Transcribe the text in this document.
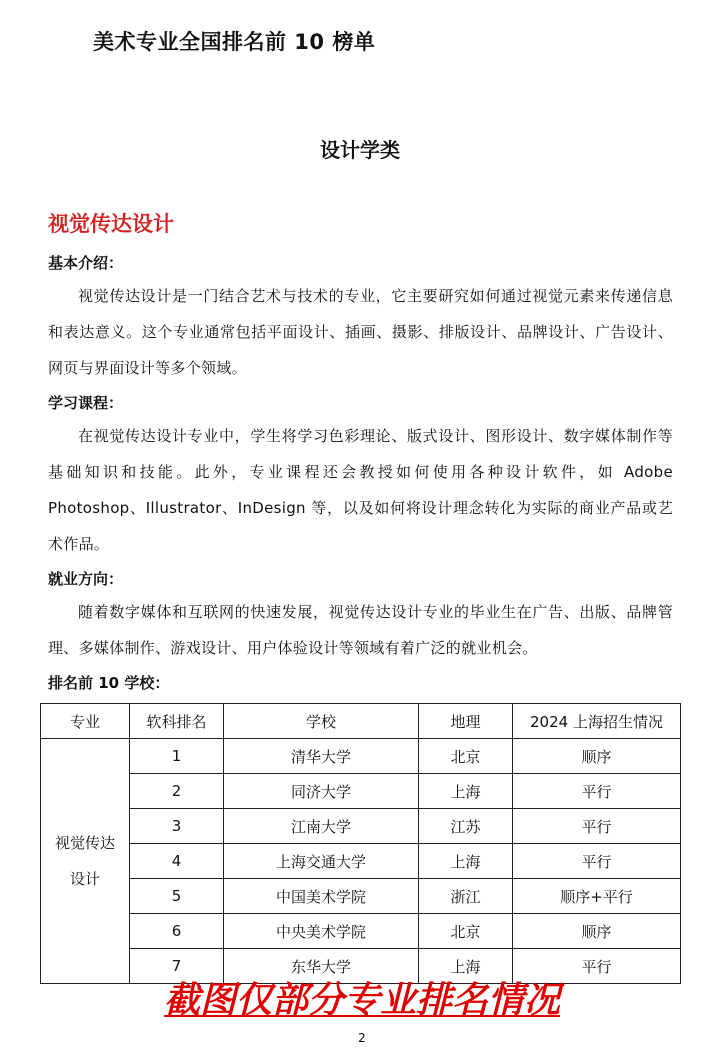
美术专业全国排名前 10 榜单
设计学类
视觉传达设计
基本介绍：

视觉传达设计是一门结合艺术与技术的专业，它主要研究如何通过视觉元素来传递信息和表达意义。这个专业通常包括平面设计、插画、摄影、排版设计、品牌设计、广告设计、网页与界面设计等多个领域。

学习课程：

在视觉传达设计专业中，学生将学习色彩理论、版式设计、图形设计、数字媒体制作等基础知识和技能。此外，专业课程还会教授如何使用各种设计软件，如 Adobe Photoshop、Illustrator、InDesign 等，以及如何将设计理念转化为实际的商业产品或艺术作品。

就业方向：

随着数字媒体和互联网的快速发展，视觉传达设计专业的毕业生在广告、出版、品牌管理、多媒体制作、游戏设计、用户体验设计等领域有着广泛的就业机会。

排名前 10 学校：
专业	软科排名	学校	地理	2024 上海招生情况
视觉传达设计	1	清华大学	北京	顺序
	2	同济大学	上海	平行
	3	江南大学	江苏	平行
	4	上海交通大学	上海	平行
	5	中国美术学院	浙江	顺序+平行
	6	中央美术学院	北京	顺序
	7	东华大学	上海	平行
截图仅部分专业排名情况
2
